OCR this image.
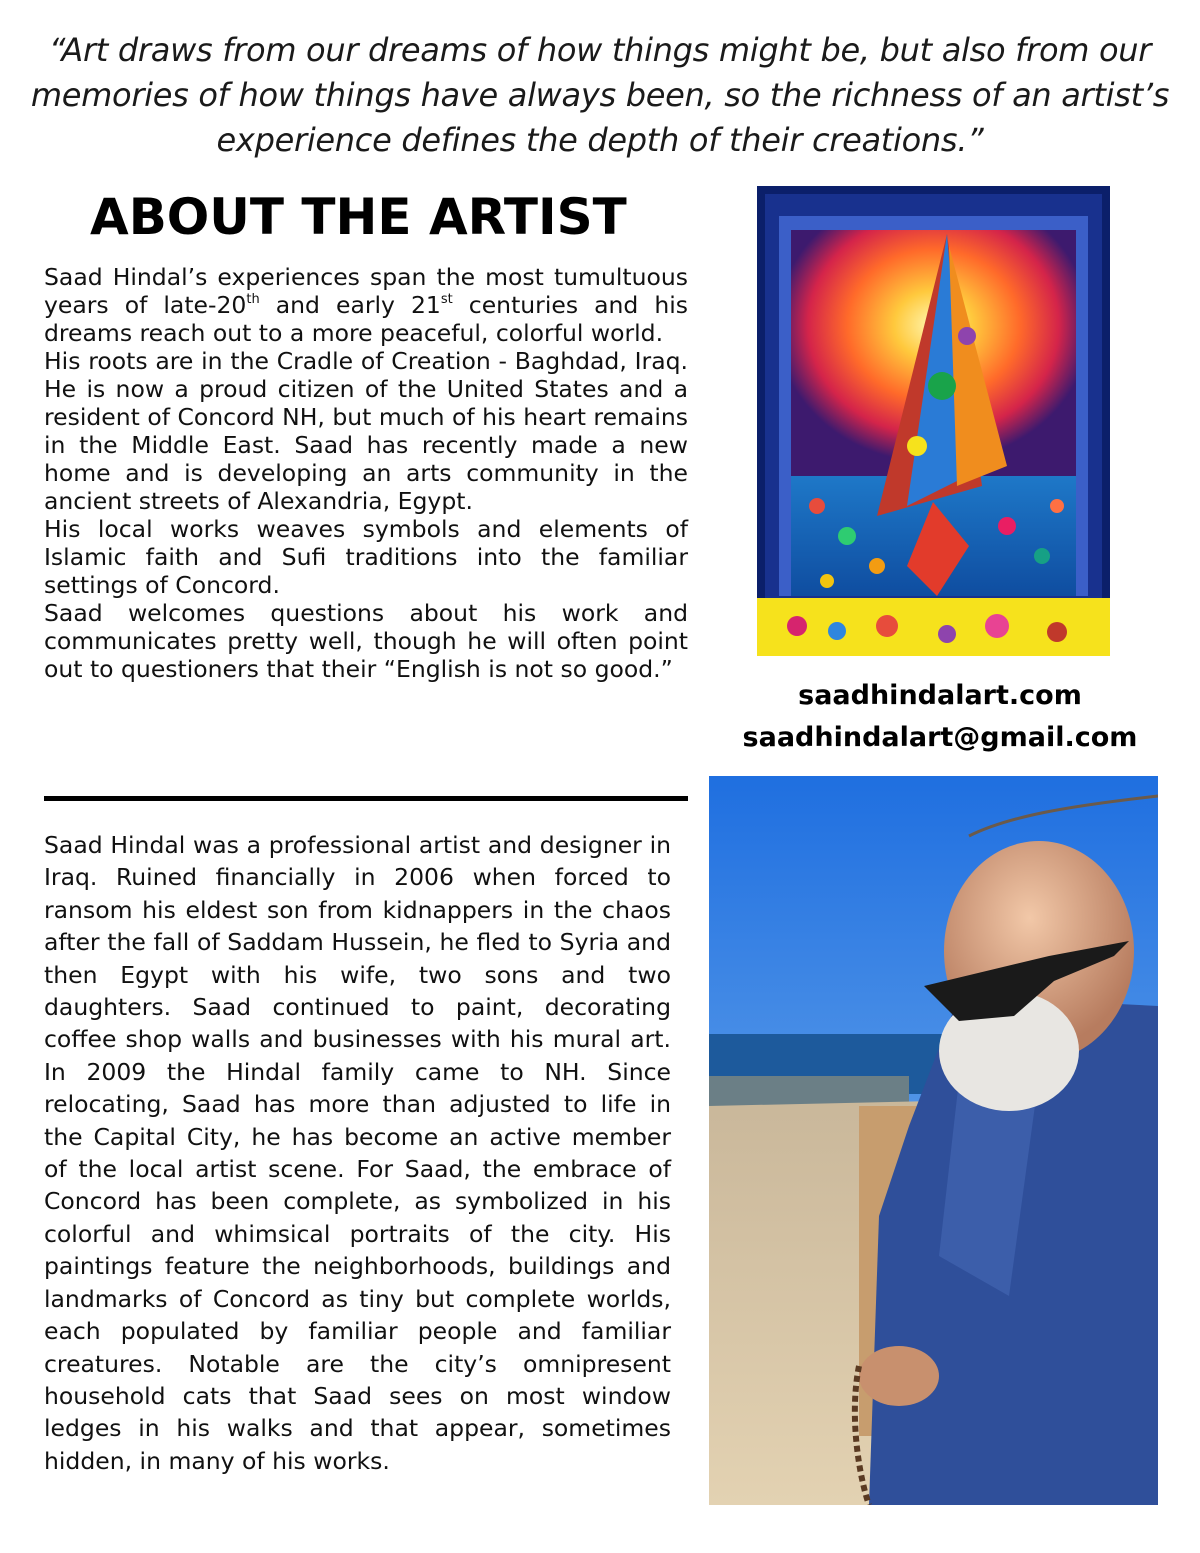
“Art draws from our dreams of how things might be, but also from our memories of how things have always been, so the richness of an artist’s experience defines the depth of their creations.”
ABOUT THE ARTIST

Saad Hindal’s experiences span the most tumultuous years of late-20th and early 21st centuries and his dreams reach out to a more peaceful, colorful world.

His roots are in the Cradle of Creation - Baghdad, Iraq. He is now a proud citizen of the United States and a resident of Concord NH, but much of his heart remains in the Middle East. Saad has recently made a new home and is developing an arts community in the ancient streets of Alexandria, Egypt.

His local works weaves symbols and elements of Islamic faith and Sufi traditions into the familiar settings of Concord.

Saad welcomes questions about his work and communicates pretty well, though he will often point out to questioners that their “English is not so good.”

Saad Hindal was a professional artist and designer in Iraq. Ruined financially in 2006 when forced to ransom his eldest son from kidnappers in the chaos after the fall of Saddam Hussein, he fled to Syria and then Egypt with his wife, two sons and two daughters. Saad continued to paint, decorating coffee shop walls and businesses with his mural art. In 2009 the Hindal family came to NH. Since relocating, Saad has more than adjusted to life in the Capital City, he has become an active member of the local artist scene. For Saad, the embrace of Concord has been complete, as symbolized in his colorful and whimsical portraits of the city. His paintings feature the neighborhoods, buildings and landmarks of Concord as tiny but complete worlds, each populated by familiar people and familiar creatures. Notable are the city’s omnipresent household cats that Saad sees on most window ledges in his walks and that appear, sometimes hidden, in many of his works.

saadhindalart.com
saadhindalart@gmail.com
